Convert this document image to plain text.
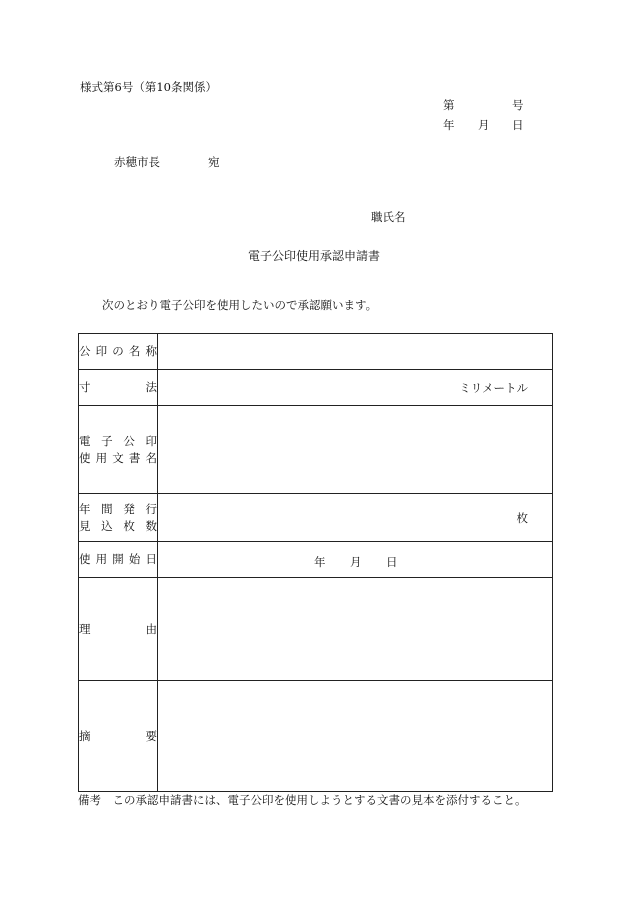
様式第6号（第10条関係）
第	号
年 月 日
赤穂市長	宛
職氏名
電子公印使用承認申請書
次のとおり電子公印を使用したいので承認願います。
公印の名称	

寸　　法	ミリメートル

電子公印
使用文書名	

年間発行
見込枚数	枚

使用開始日	年 月 日

理　　由	

摘　　要	

備考　この承認申請書には、電子公印を使用しようとする文書の見本を添付すること。
